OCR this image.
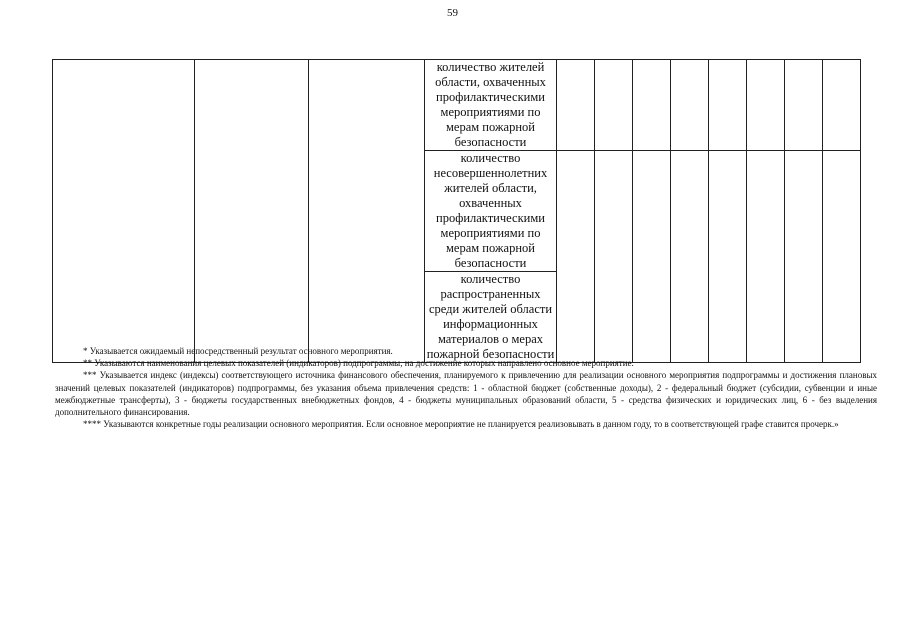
59
			количество жителей области, охваченных профилактическими мероприятиями по мерам пожарной безопасности								
			количество несовершеннолетних жителей области, охваченных профилактическими мероприятиями по мерам пожарной безопасности								
			количество распространенных среди жителей области информационных материалов о мерах пожарной безопасности								

* Указывается ожидаемый непосредственный результат основного мероприятия.

** Указываются наименования целевых показателей (индикаторов) подпрограммы, на достижение которых направлено основное мероприятие.

*** Указывается индекс (индексы) соответствующего источника финансового обеспечения, планируемого к привлечению для реализации основного мероприятия подпрограммы и достижения плановых значений целевых показателей (индикаторов) подпрограммы, без указания объема привлечения средств: 1 - областной бюджет (собственные доходы), 2 - федеральный бюджет (субсидии, субвенции и иные межбюджетные трансферты), 3 - бюджеты государственных внебюджетных фондов, 4 - бюджеты муниципальных образований области, 5 - средства физических и юридических лиц, 6 - без выделения дополнительного финансирования.

**** Указываются конкретные годы реализации основного мероприятия. Если основное мероприятие не планируется реализовывать в данном году, то в соответствующей графе ставится прочерк.»
